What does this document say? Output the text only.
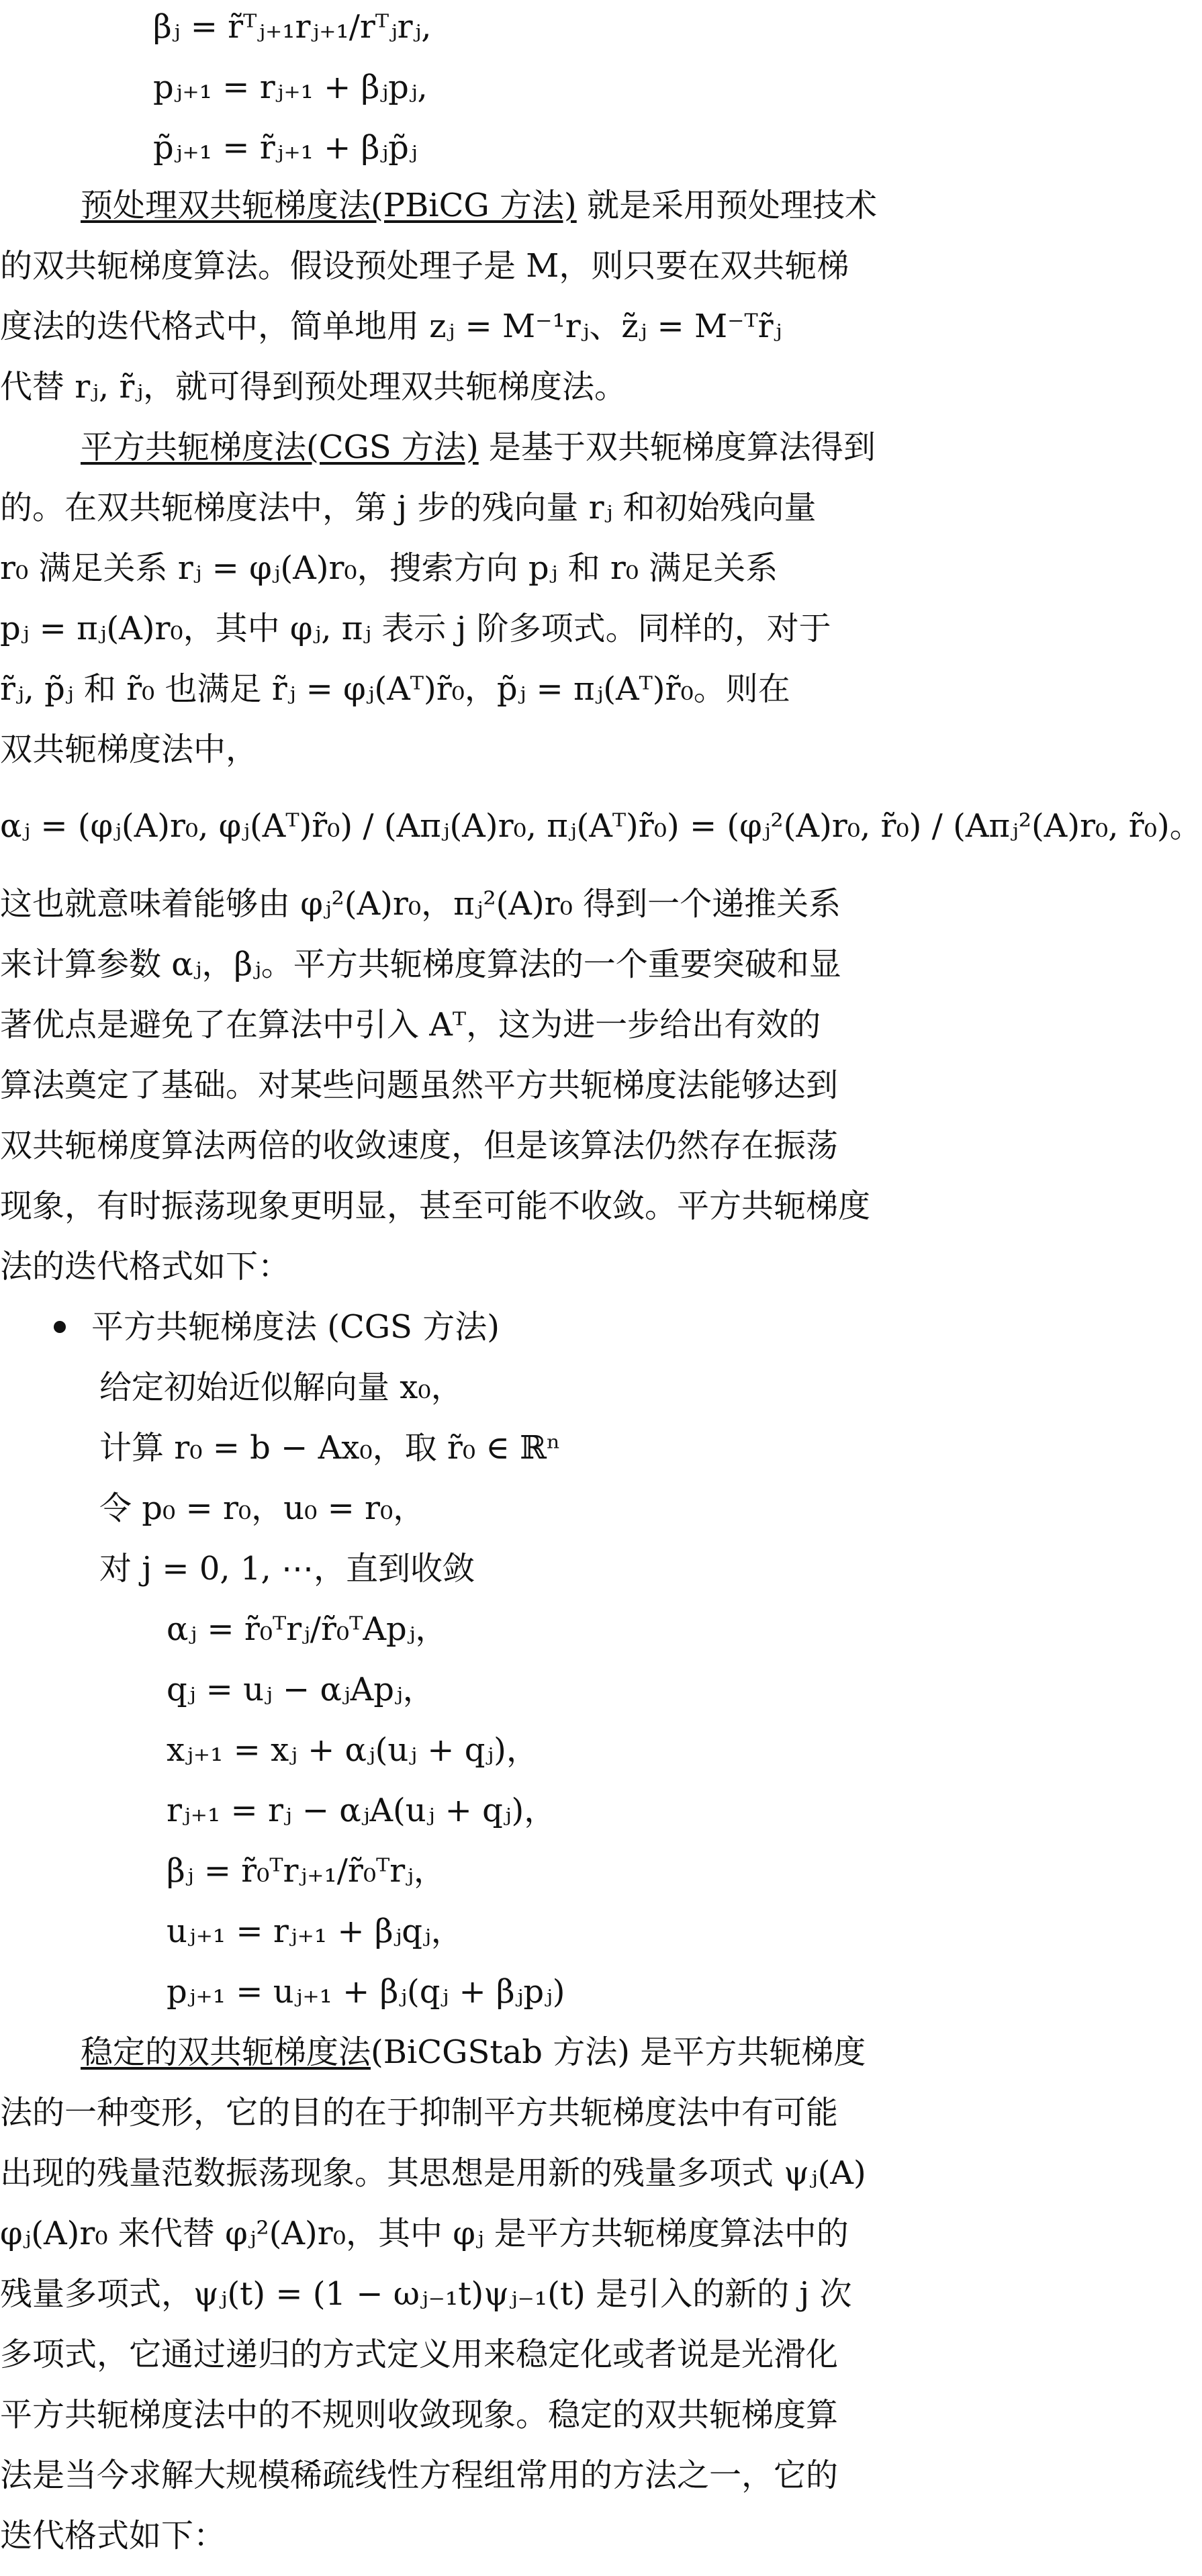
βⱼ = r̃ᵀⱼ₊₁rⱼ₊₁/rᵀⱼrⱼ,
pⱼ₊₁ = rⱼ₊₁ + βⱼpⱼ,
p̃ⱼ₊₁ = r̃ⱼ₊₁ + βⱼp̃ⱼ
预处理双共轭梯度法(PBiCG 方法) 就是采用预处理技术
的双共轭梯度算法。假设预处理子是 M，则只要在双共轭梯
度法的迭代格式中，简单地用 zⱼ = M⁻¹rⱼ、z̃ⱼ = M⁻ᵀr̃ⱼ
代替 rⱼ, r̃ⱼ，就可得到预处理双共轭梯度法。
平方共轭梯度法(CGS 方法) 是基于双共轭梯度算法得到
的。在双共轭梯度法中，第 j 步的残向量 rⱼ 和初始残向量
r₀ 满足关系 rⱼ = φⱼ(A)r₀，搜索方向 pⱼ 和 r₀ 满足关系
pⱼ = πⱼ(A)r₀，其中 φⱼ, πⱼ 表示 j 阶多项式。同样的，对于
r̃ⱼ, p̃ⱼ 和 r̃₀ 也满足 r̃ⱼ = φⱼ(Aᵀ)r̃₀，p̃ⱼ = πⱼ(Aᵀ)r̃₀。则在
双共轭梯度法中，
αⱼ = (φⱼ(A)r₀, φⱼ(Aᵀ)r̃₀) / (Aπⱼ(A)r₀, πⱼ(Aᵀ)r̃₀) = (φⱼ²(A)r₀, r̃₀) / (Aπⱼ²(A)r₀, r̃₀)。
这也就意味着能够由 φⱼ²(A)r₀，πⱼ²(A)r₀ 得到一个递推关系
来计算参数 αⱼ，βⱼ。平方共轭梯度算法的一个重要突破和显
著优点是避免了在算法中引入 Aᵀ，这为进一步给出有效的
算法奠定了基础。对某些问题虽然平方共轭梯度法能够达到
双共轭梯度算法两倍的收敛速度，但是该算法仍然存在振荡
现象，有时振荡现象更明显，甚至可能不收敛。平方共轭梯度
法的迭代格式如下：
平方共轭梯度法 (CGS 方法)
给定初始近似解向量 x₀，
计算 r₀ = b − Ax₀，取 r̃₀ ∈ ℝⁿ
令 p₀ = r₀，u₀ = r₀，
对 j = 0, 1, ⋯，直到收敛
αⱼ = r̃₀ᵀrⱼ/r̃₀ᵀApⱼ，
qⱼ = uⱼ − αⱼApⱼ，
xⱼ₊₁ = xⱼ + αⱼ(uⱼ + qⱼ)，
rⱼ₊₁ = rⱼ − αⱼA(uⱼ + qⱼ)，
βⱼ = r̃₀ᵀrⱼ₊₁/r̃₀ᵀrⱼ，
uⱼ₊₁ = rⱼ₊₁ + βⱼqⱼ，
pⱼ₊₁ = uⱼ₊₁ + βⱼ(qⱼ + βⱼpⱼ)
稳定的双共轭梯度法(BiCGStab 方法) 是平方共轭梯度
法的一种变形，它的目的在于抑制平方共轭梯度法中有可能
出现的残量范数振荡现象。其思想是用新的残量多项式 ψⱼ(A)
φⱼ(A)r₀ 来代替 φⱼ²(A)r₀，其中 φⱼ 是平方共轭梯度算法中的
残量多项式，ψⱼ(t) = (1 − ωⱼ₋₁t)ψⱼ₋₁(t) 是引入的新的 j 次
多项式，它通过递归的方式定义用来稳定化或者说是光滑化
平方共轭梯度法中的不规则收敛现象。稳定的双共轭梯度算
法是当今求解大规模稀疏线性方程组常用的方法之一，它的
迭代格式如下：
